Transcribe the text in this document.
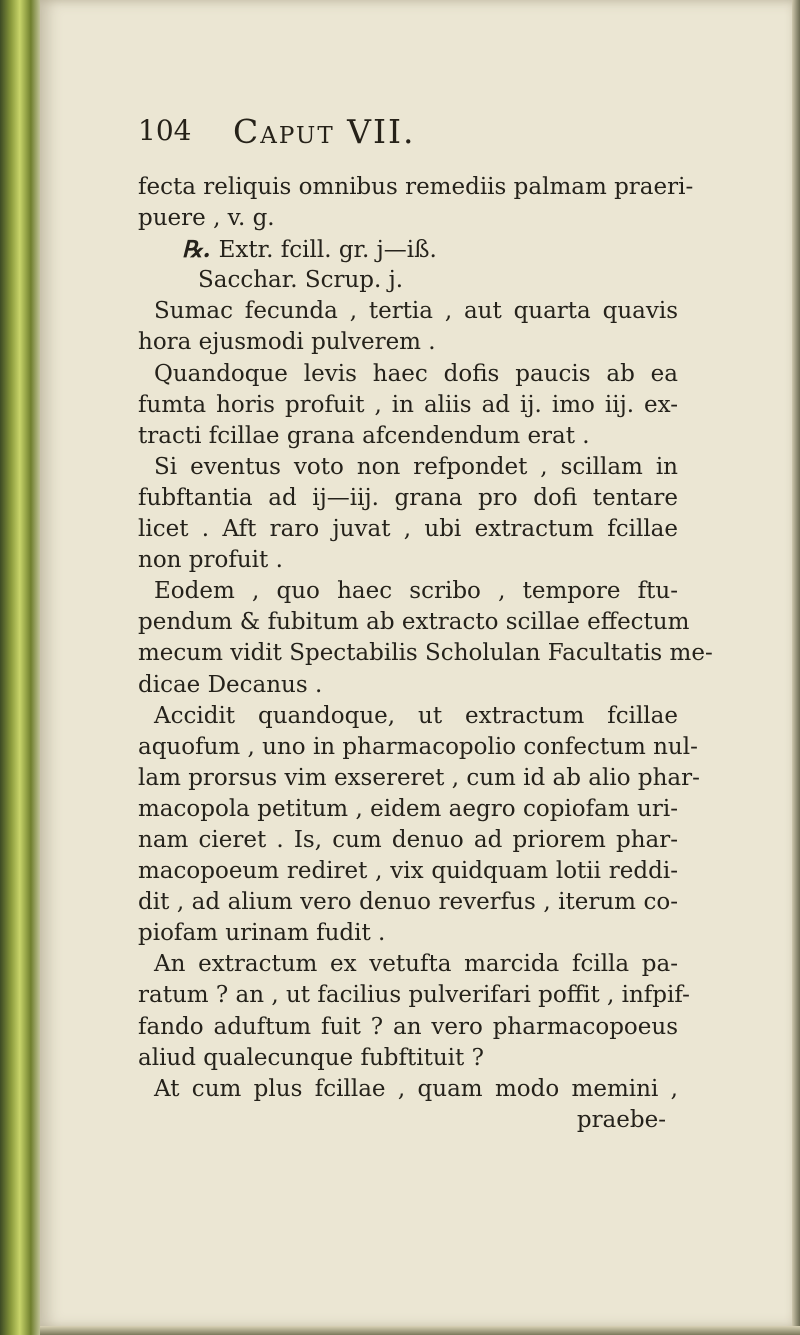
104 Caput VII.
fecta reliquis omnibus remediis palmam praeri-
puere , v. g.
℞. Extr. fcill. gr. j—iß.
Sacchar. Scrup. j.
Sumac fecunda , tertia , aut quarta quavis
hora ejusmodi pulverem .
Quandoque levis haec dofis paucis ab ea
fumta horis profuit , in aliis ad ij. imo iij. ex-
tracti fcillae grana afcendendum erat .
Si eventus voto non refpondet , scillam in
fubftantia ad ij—iij. grana pro dofi tentare
licet . Aft raro juvat , ubi extractum fcillae
non profuit .
Eodem , quo haec scribo , tempore ftu-
pendum & fubitum ab extracto scillae effectum
mecum vidit Spectabilis Scholulan Facultatis me-
dicae Decanus .
Accidit quandoque, ut extractum fcillae
aquofum , uno in pharmacopolio confectum nul-
lam prorsus vim exsereret , cum id ab alio phar-
macopola petitum , eidem aegro copiofam uri-
nam cieret . Is, cum denuo ad priorem phar-
macopoeum rediret , vix quidquam lotii reddi-
dit , ad alium vero denuo reverfus , iterum co-
piofam urinam fudit .
An extractum ex vetufta marcida fcilla pa-
ratum ? an , ut facilius pulverifari poffit , infpif-
fando aduftum fuit ? an vero pharmacopoeus
aliud qualecunque fubftituit ?
At cum plus fcillae , quam modo memini ,
praebe-
